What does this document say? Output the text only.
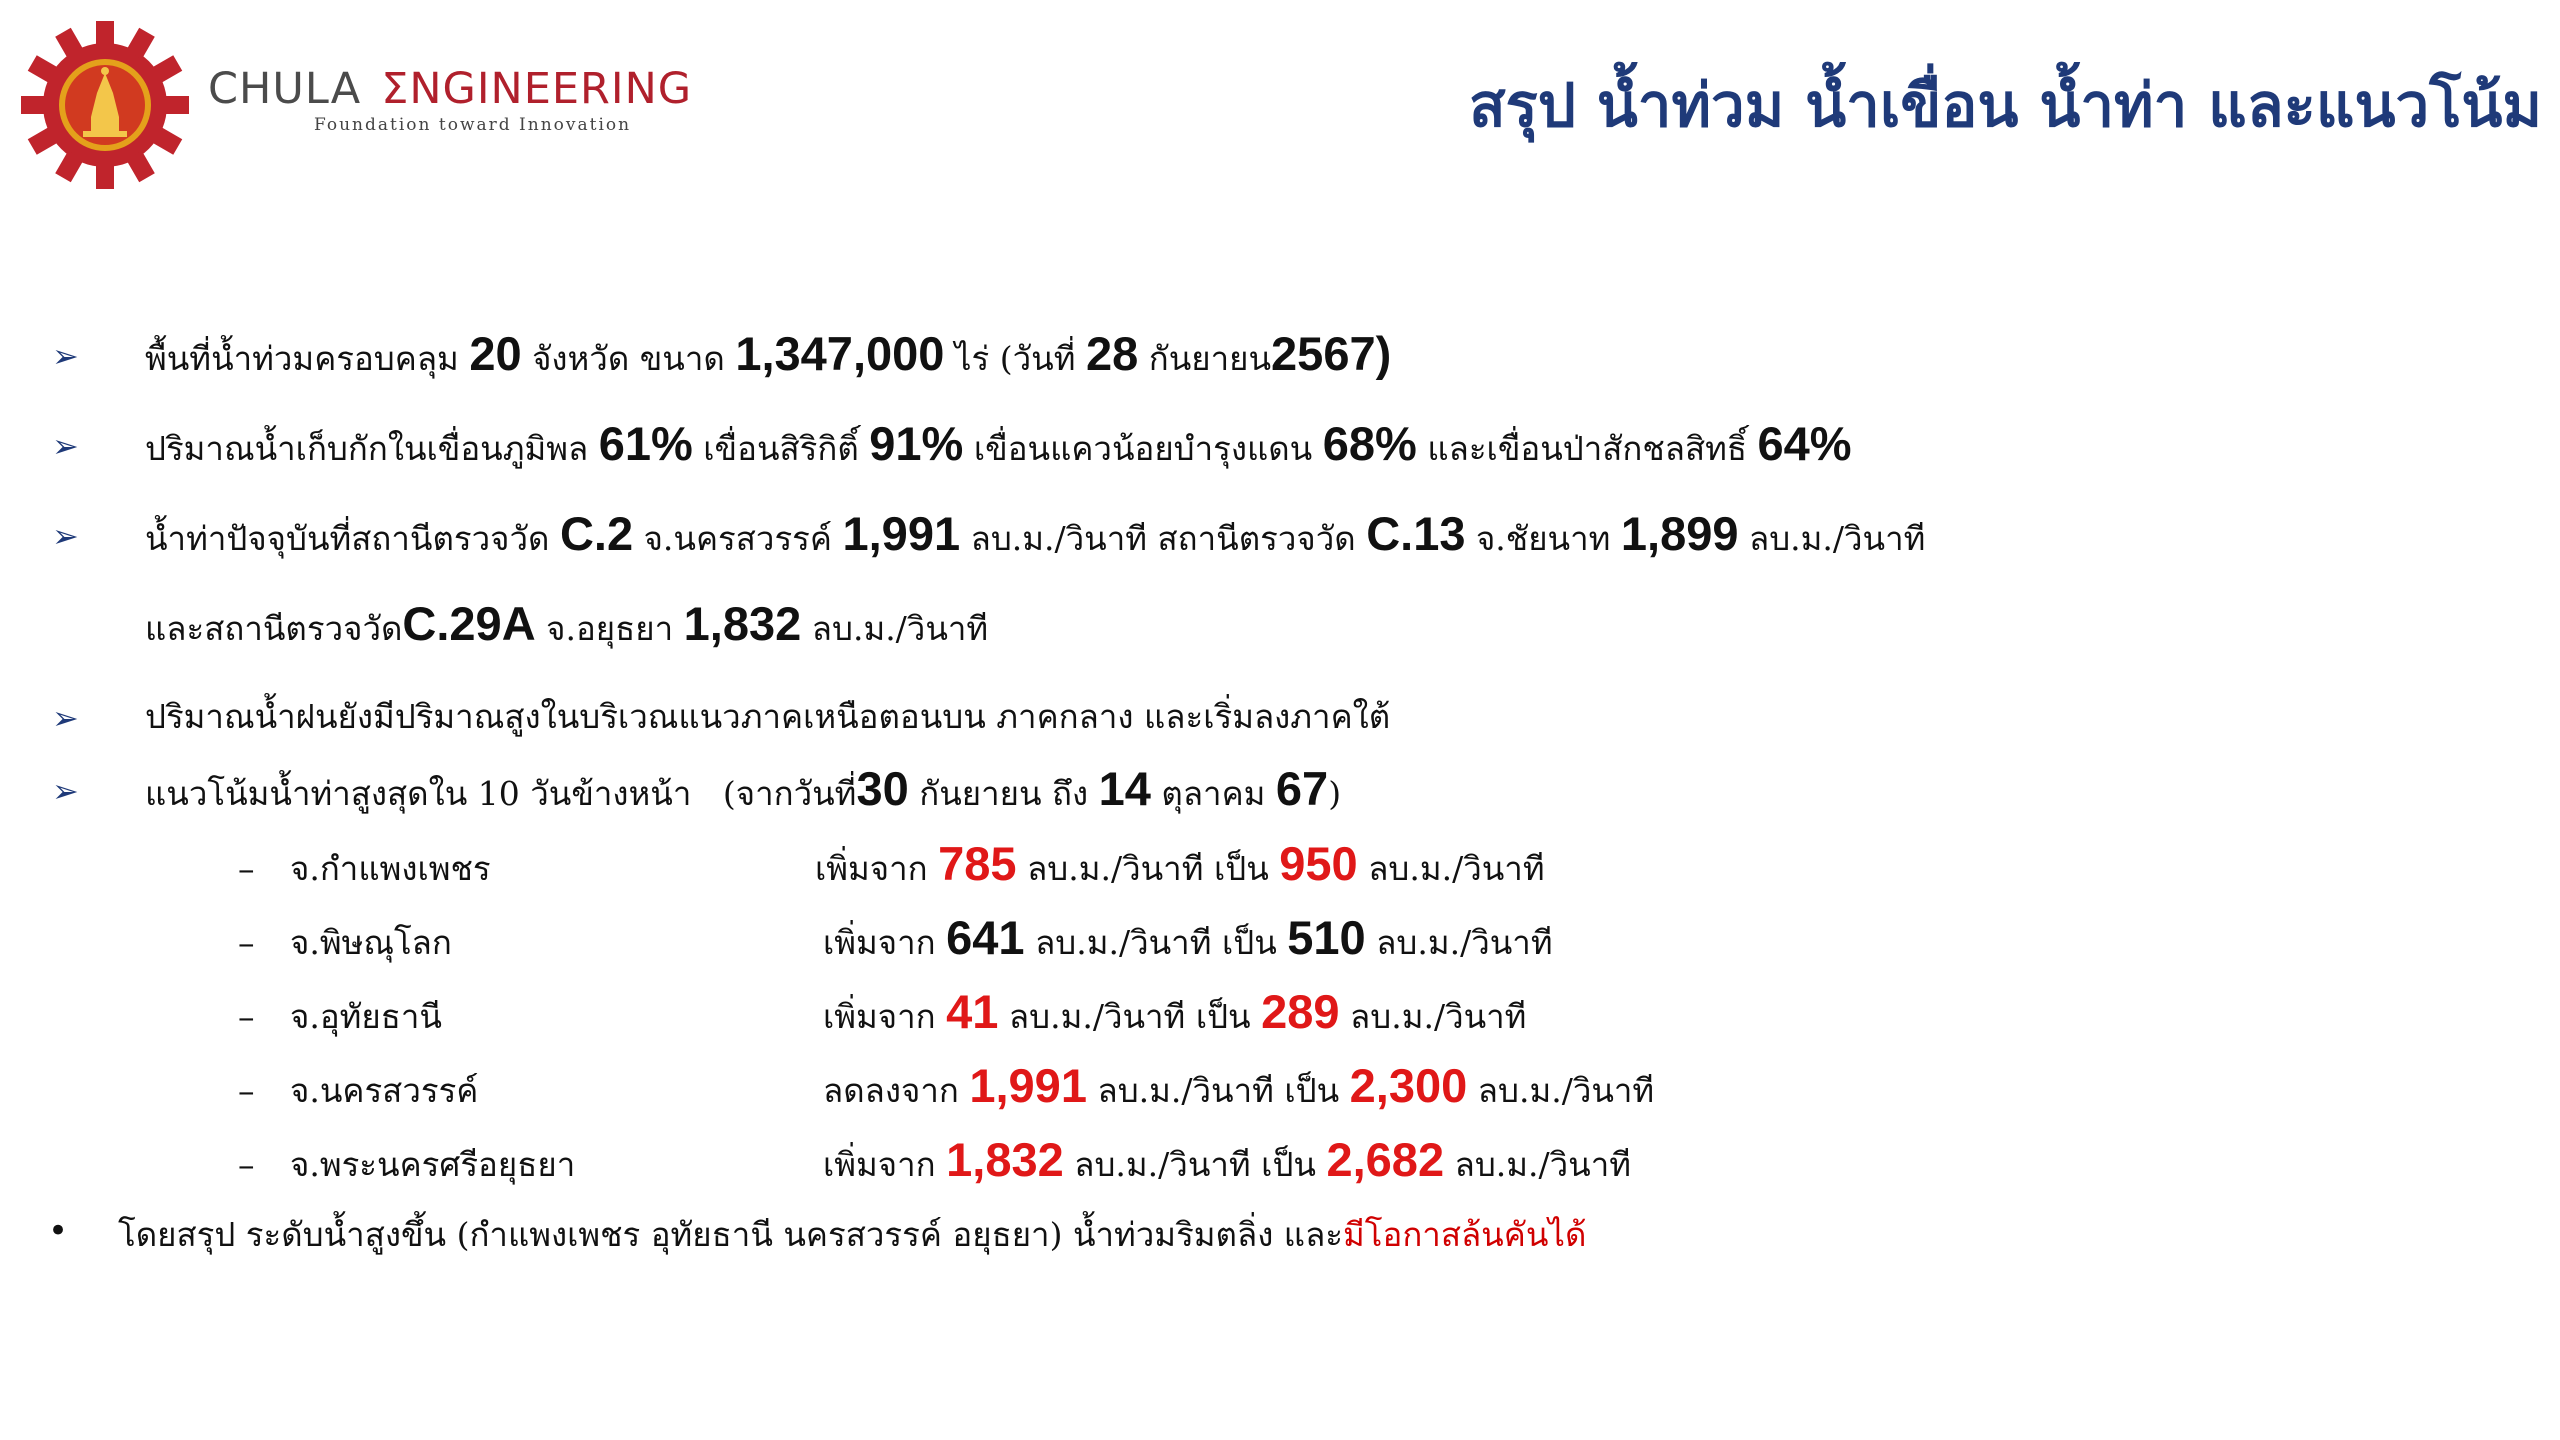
CHULA ƩNGINEERING
Foundation toward Innovation	สรุป น้ำท่วม น้ำเขื่อน น้ำท่า และแนวโน้ม
➢ พื้นที่น้ำท่วมครอบคลุม 20 จังหวัด ขนาด 1,347,000 ไร่ (วันที่ 28 กันยายน2567)
➢ ปริมาณน้ำเก็บกักในเขื่อนภูมิพล 61% เขื่อนสิริกิติ์ 91% เขื่อนแควน้อยบำรุงแดน 68% และเขื่อนป่าสักชลสิทธิ์ 64%
➢ น้ำท่าปัจจุบันที่สถานีตรวจวัด C.2 จ.นครสวรรค์ 1,991 ลบ.ม./วินาที สถานีตรวจวัด C.13 จ.ชัยนาท 1,899 ลบ.ม./วินาที
และสถานีตรวจวัดC.29A จ.อยุธยา 1,832 ลบ.ม./วินาที
➢ ปริมาณน้ำฝนยังมีปริมาณสูงในบริเวณแนวภาคเหนือตอนบน ภาคกลาง และเริ่มลงภาคใต้
➢ แนวโน้มน้ำท่าสูงสุดใน 10 วันข้างหน้า (จากวันที่30 กันยายน ถึง 14 ตุลาคม 67)
– จ.กำแพงเพชร	เพิ่มจาก 785 ลบ.ม./วินาที เป็น 950 ลบ.ม./วินาที
– จ.พิษณุโลก	เพิ่มจาก 641 ลบ.ม./วินาที เป็น 510 ลบ.ม./วินาที
– จ.อุทัยธานี	เพิ่มจาก 41 ลบ.ม./วินาที เป็น 289 ลบ.ม./วินาที
– จ.นครสวรรค์	ลดลงจาก 1,991 ลบ.ม./วินาที เป็น 2,300 ลบ.ม./วินาที
– จ.พระนครศรีอยุธยา	เพิ่มจาก 1,832 ลบ.ม./วินาที เป็น 2,682 ลบ.ม./วินาที
• โดยสรุป ระดับน้ำสูงขึ้น (กำแพงเพชร อุทัยธานี นครสวรรค์ อยุธยา) น้ำท่วมริมตลิ่ง และมีโอกาสล้นคันได้
